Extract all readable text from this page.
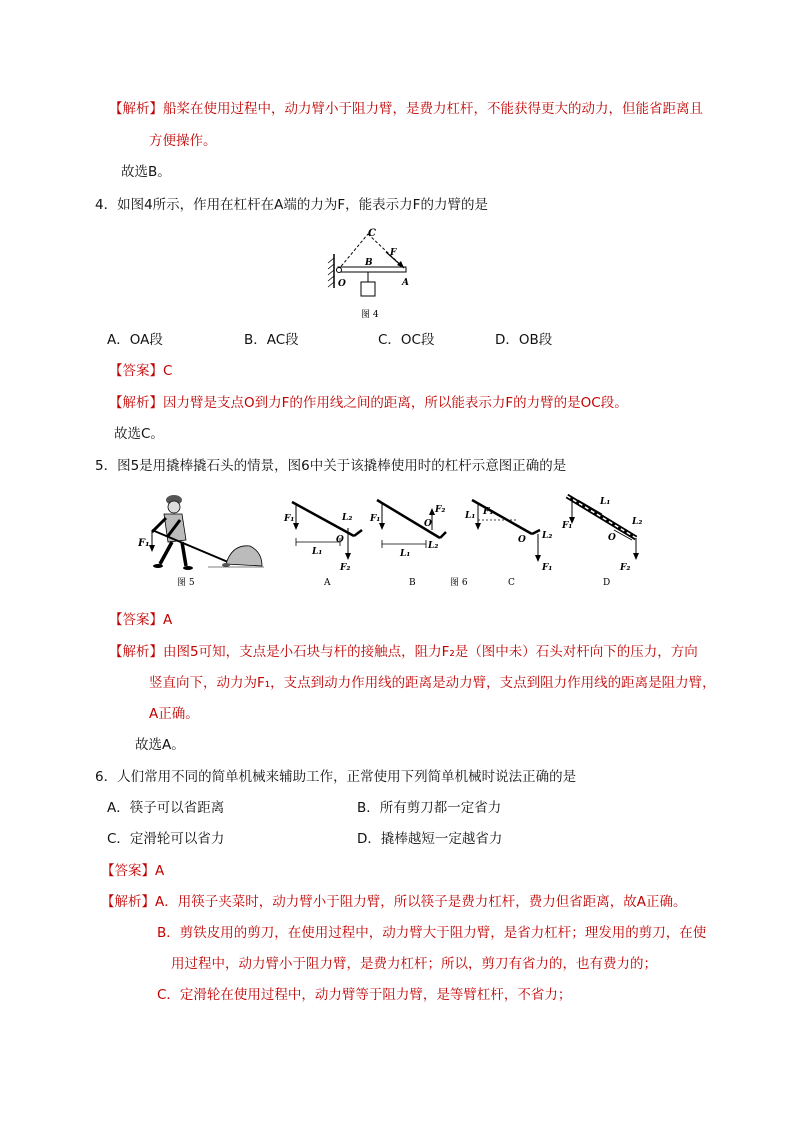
【解析】船桨在使用过程中，动力臂小于阻力臂，是费力杠杆，不能获得更大的动力，但能省距离且
方便操作。
故选B。
4．如图4所示，作用在杠杆在A端的力为F，能表示力F的力臂的是
C
F
B
O	A
图 4
A．OA段	B．AC段	C．OC段	D．OB段
【答案】C
【解析】因力臂是支点O到力F的作用线之间的距离，所以能表示力F的力臂的是OC段。
故选C。
5．图5是用撬棒撬石头的情景，图6中关于该撬棒使用时的杠杆示意图正确的是
F₁
图 5
F₁
L₁
L₂
O
F₂
A
F₁
L₁
L₂
O
F₂
B	图 6
L₁ F₁
O L₂
F₁
C
F₁
L₁
L₂
O
F₂
D
【答案】A
【解析】由图5可知，支点是小石块与杆的接触点，阻力F₂是（图中未）石头对杆向下的压力，方向
竖直向下，动力为F₁，支点到动力作用线的距离是动力臂，支点到阻力作用线的距离是阻力臂，
A正确。
故选A。
6．人们常用不同的简单机械来辅助工作，正常使用下列简单机械时说法正确的是
A．筷子可以省距离	B．所有剪刀都一定省力
C．定滑轮可以省力	D．撬棒越短一定越省力
【答案】A
【解析】A．用筷子夹菜时，动力臂小于阻力臂，所以筷子是费力杠杆，费力但省距离，故A正确。
B．剪铁皮用的剪刀，在使用过程中，动力臂大于阻力臂，是省力杠杆；理发用的剪刀，在使
用过程中，动力臂小于阻力臂，是费力杠杆；所以，剪刀有省力的，也有费力的；
C．定滑轮在使用过程中，动力臂等于阻力臂，是等臂杠杆，不省力；
